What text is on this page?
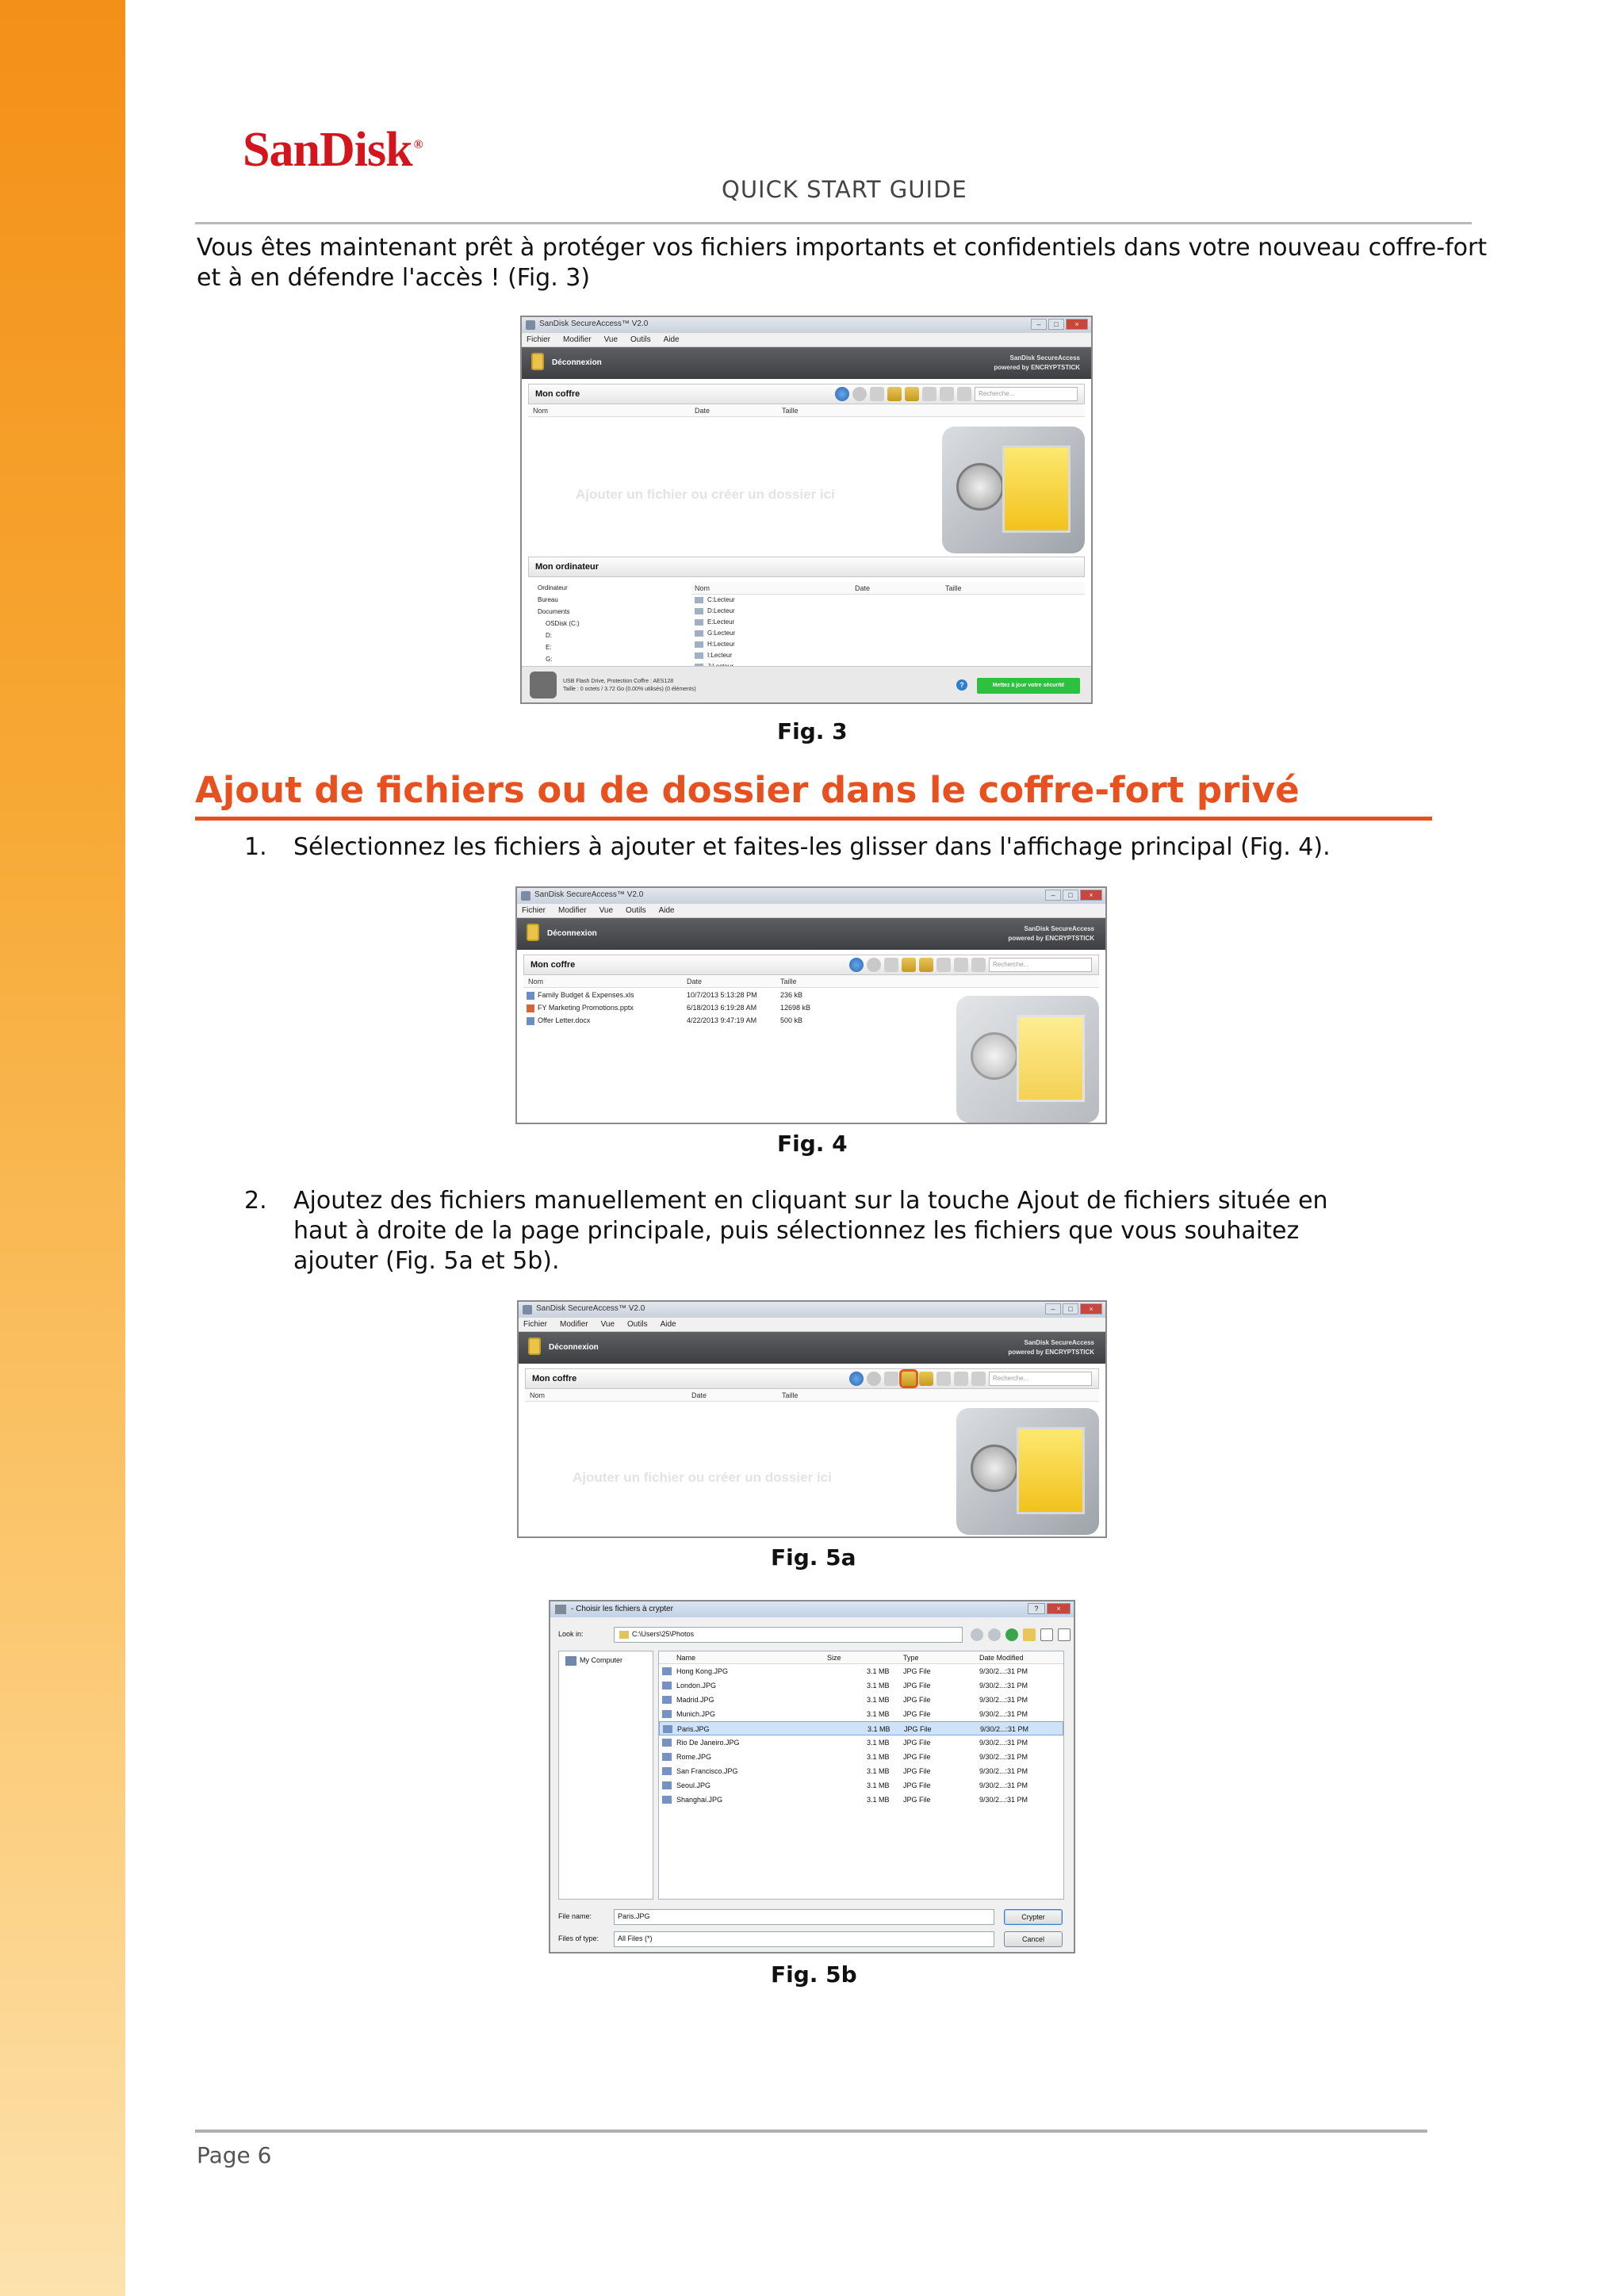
SanDisk ®
QUICK START GUIDE
Vous êtes maintenant prêt à protéger vos fichiers importants et confidentiels dans votre nouveau coffre-fort et à en défendre l'accès ! (Fig. 3)
SanDisk SecureAccess™ V2.0	–	□	×
Fichier Modifier Vue Outils Aide
Déconnexion
SanDisk SecureAccess
powered by ENCRYPTSTICK
Mon coffre	Recherche...
Nom	Date	Taille
Ajouter un fichier ou créer un dossier ici
Mon ordinateur
Ordinateur
Bureau
Documents
OSDisk (C:)
D:
E:
G:
Nom	Date	Taille
C:Lecteur
D:Lecteur
E:Lecteur
G:Lecteur
H:Lecteur
I:Lecteur
USB Flash Drive, Protection Coffre : AES128
Taille : 0 octets / 3.72 Go (0.00% utilisés) (0 éléments)
?	Mettez à jour votre sécurité
Fig. 3
Ajout de fichiers ou de dossier dans le coffre-fort privé
1. Sélectionnez les fichiers à ajouter et faites-les glisser dans l'affichage principal (Fig. 4).
SanDisk SecureAccess™ V2.0	–	□	×
Fichier Modifier Vue Outils Aide
Déconnexion
SanDisk SecureAccess
powered by ENCRYPTSTICK
Mon coffre	Recherche...
Nom	Date	Taille
Family Budget & Expenses.xls	10/7/2013 5:13:28 PM	236 kB
FY Marketing Promotions.pptx	6/18/2013 6:19:28 AM	12698 kB
Offer Letter.docx	4/22/2013 9:47:19 AM	500 kB
Fig. 4
2. Ajoutez des fichiers manuellement en cliquant sur la touche Ajout de fichiers située en
haut à droite de la page principale, puis sélectionnez les fichiers que vous souhaitez
ajouter (Fig. 5a et 5b).
SanDisk SecureAccess™ V2.0	–	□	×
Fichier Modifier Vue Outils Aide
Déconnexion
SanDisk SecureAccess
powered by ENCRYPTSTICK
Mon coffre	Recherche...
Nom	Date	Taille
Ajouter un fichier ou créer un dossier ici
Fig. 5a
- Choisir les fichiers à crypter	?	×
Look in:	C:\Users\25\Photos
My Computer	Name	Size	Type	Date Modified
Hong Kong.JPG	3.1 MB JPG File	9/30/2...:31 PM
London.JPG	3.1 MB JPG File	9/30/2...:31 PM
Madrid.JPG	3.1 MB JPG File	9/30/2...:31 PM
Munich.JPG	3.1 MB JPG File	9/30/2...:31 PM
Paris.JPG	3.1 MB JPG File	9/30/2...:31 PM
Rio De Janeiro.JPG	3.1 MB JPG File	9/30/2...:31 PM
Rome.JPG	3.1 MB JPG File	9/30/2...:31 PM
San Francisco.JPG	3.1 MB JPG File	9/30/2...:31 PM
Seoul.JPG	3.1 MB JPG File	9/30/2...:31 PM
Shanghai.JPG	3.1 MB JPG File	9/30/2...:31 PM
File name:	Paris.JPG	Crypter
Files of type:	All Files (*)	Cancel
Fig. 5b
Page 6
